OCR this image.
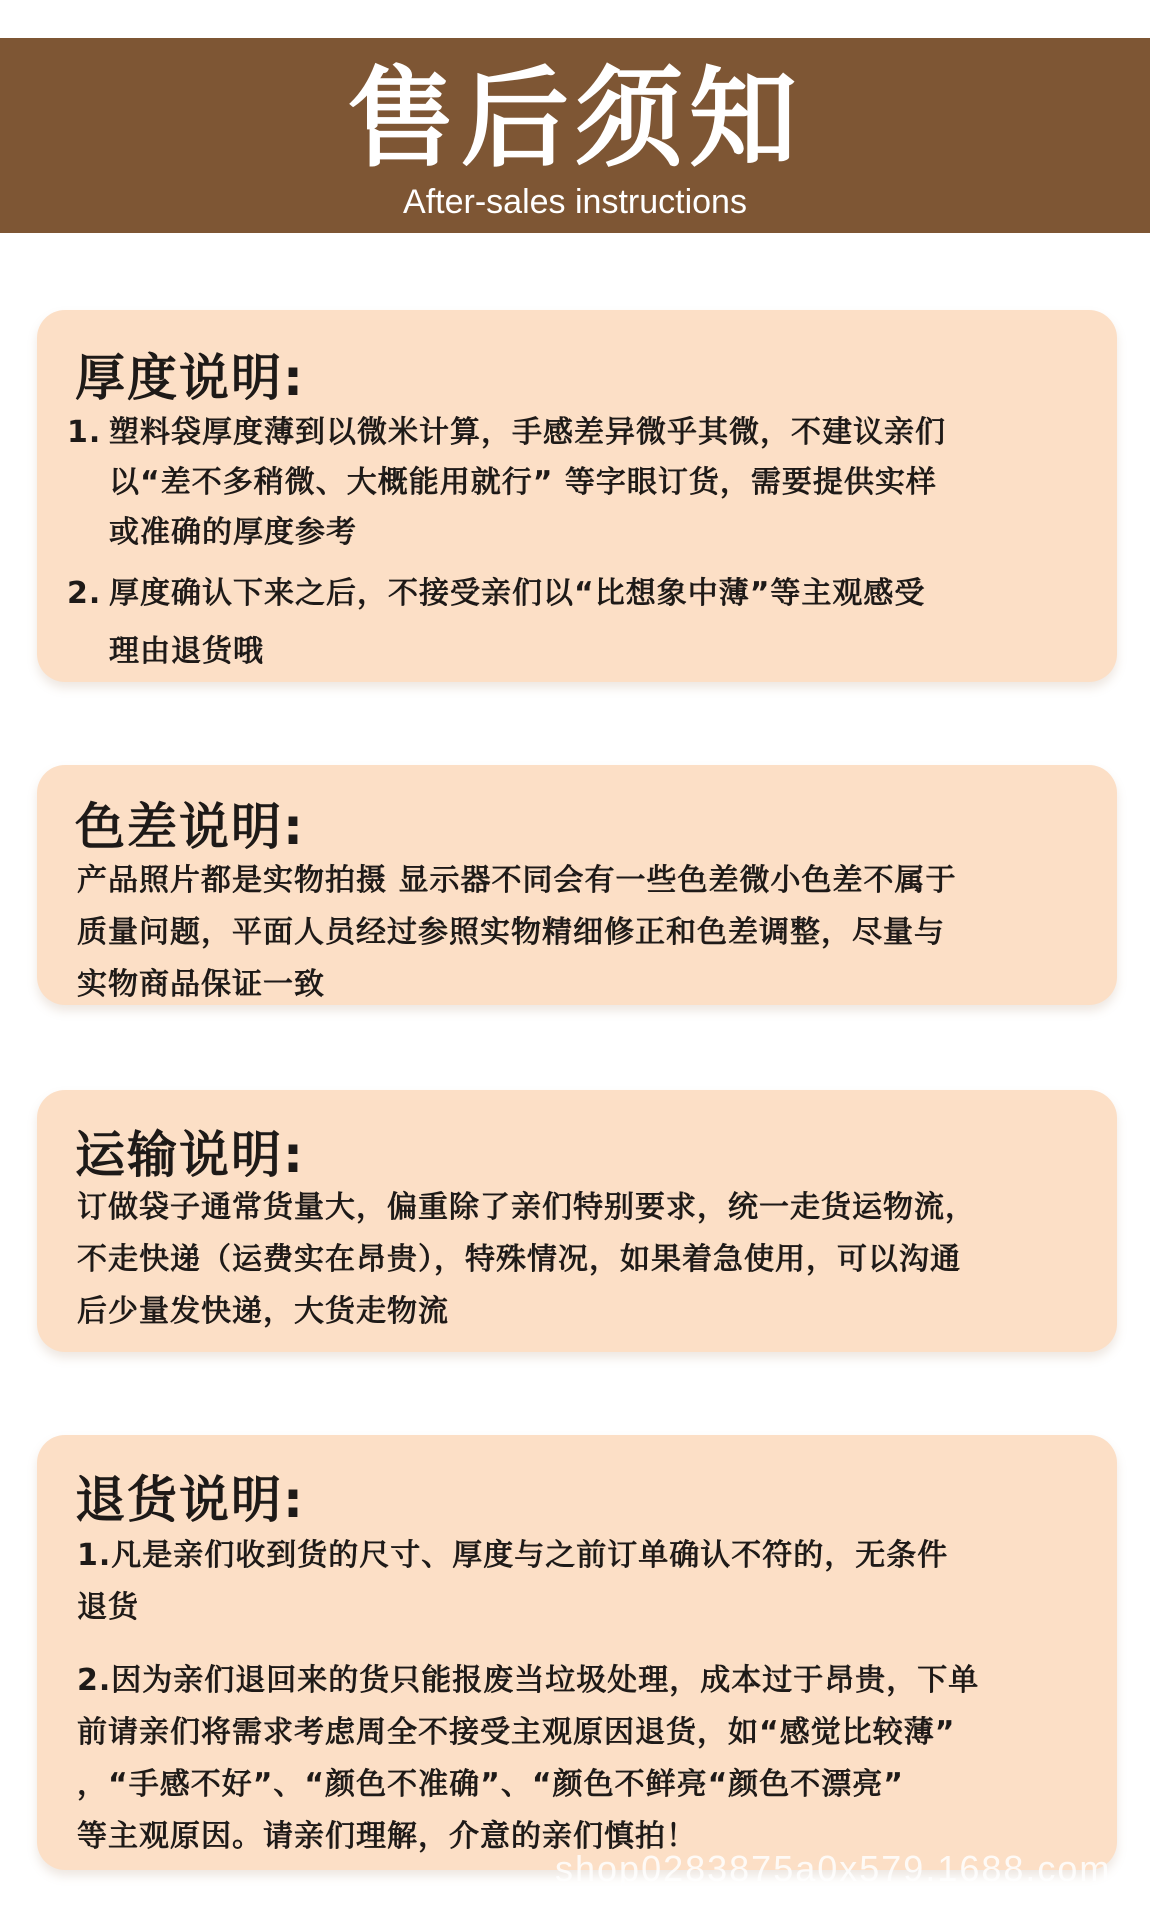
售后须知
After-sales instructions
厚度说明:
1. 塑料袋厚度薄到以微米计算，手感差异微乎其微，不建议亲们
以“差不多稍微、大概能用就行” 等字眼订货，需要提供实样
或准确的厚度参考
2. 厚度确认下来之后，不接受亲们以“比想象中薄”等主观感受
理由退货哦
色差说明:
产品照片都是实物拍摄 显示器不同会有一些色差微小色差不属于
质量问题，平面人员经过参照实物精细修正和色差调整，尽量与
实物商品保证一致
运输说明:
订做袋子通常货量大，偏重除了亲们特别要求，统一走货运物流，
不走快递（运费实在昂贵），特殊情况，如果着急使用，可以沟通
后少量发快递，大货走物流
退货说明:
1.凡是亲们收到货的尺寸、厚度与之前订单确认不符的，无条件
退货
2.因为亲们退回来的货只能报废当垃圾处理，成本过于昂贵，下单
前请亲们将需求考虑周全不接受主观原因退货，如“感觉比较薄”
，“手感不好”、“颜色不准确”、“颜色不鲜亮“颜色不漂亮”
等主观原因。请亲们理解，介意的亲们慎拍！
shop0283875a0x579.1688.com
